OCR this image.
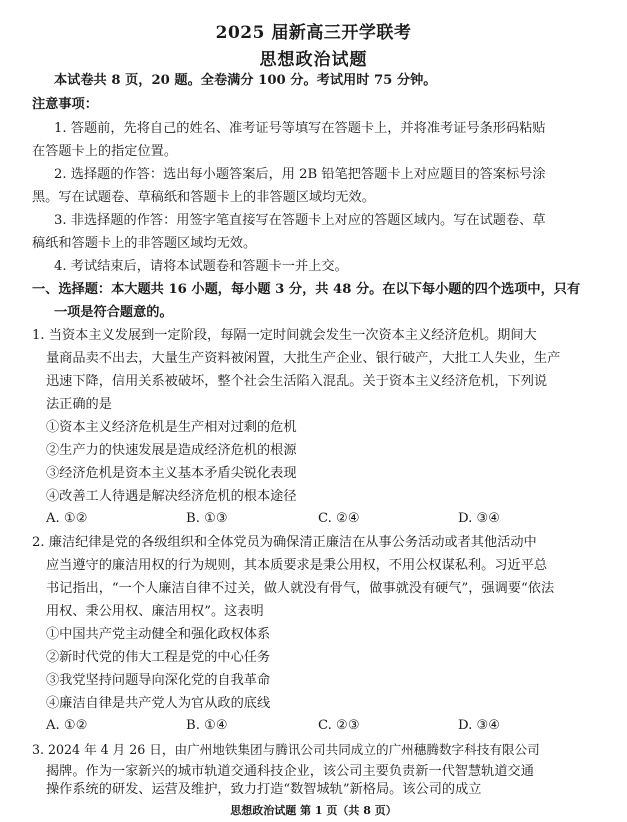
2025 届新高三开学联考
思想政治试题
本试卷共 8 页，20 题。全卷满分 100 分。考试用时 75 分钟。
注意事项：
1. 答题前，先将自己的姓名、准考证号等填写在答题卡上，并将准考证号条形码粘贴
在答题卡上的指定位置。
2. 选择题的作答：选出每小题答案后，用 2B 铅笔把答题卡上对应题目的答案标号涂
黑。写在试题卷、草稿纸和答题卡上的非答题区域均无效。
3. 非选择题的作答：用签字笔直接写在答题卡上对应的答题区域内。写在试题卷、草
稿纸和答题卡上的非答题区域均无效。
4. 考试结束后，请将本试题卷和答题卡一并上交。
一、选择题：本大题共 16 小题，每小题 3 分，共 48 分。在以下每小题的四个选项中，只有
一项是符合题意的。
1. 当资本主义发展到一定阶段，每隔一定时间就会发生一次资本主义经济危机。期间大
量商品卖不出去，大量生产资料被闲置，大批生产企业、银行破产，大批工人失业，生产
迅速下降，信用关系被破坏，整个社会生活陷入混乱。关于资本主义经济危机，下列说
法正确的是
①资本主义经济危机是生产相对过剩的危机
②生产力的快速发展是造成经济危机的根源
③经济危机是资本主义基本矛盾尖锐化表现
④改善工人待遇是解决经济危机的根本途径
A. ①②	B. ①③	C. ②④	D. ③④
2. 廉洁纪律是党的各级组织和全体党员为确保清正廉洁在从事公务活动或者其他活动中
应当遵守的廉洁用权的行为规则，其本质要求是秉公用权，不用公权谋私利。习近平总
书记指出，“一个人廉洁自律不过关，做人就没有骨气，做事就没有硬气”，强调要“依法
用权、秉公用权、廉洁用权”。这表明
①中国共产党主动健全和强化政权体系
②新时代党的伟大工程是党的中心任务
③我党坚持问题导向深化党的自我革命
④廉洁自律是共产党人为官从政的底线
A. ①②	B. ①④	C. ②③	D. ③④
3. 2024 年 4 月 26 日，由广州地铁集团与腾讯公司共同成立的广州穗腾数字科技有限公司
揭牌。作为一家新兴的城市轨道交通科技企业，该公司主要负责新一代智慧轨道交通
操作系统的研发、运营及维护，致力打造“数智城轨”新格局。该公司的成立
思想政治试题 第 1 页（共 8 页）
